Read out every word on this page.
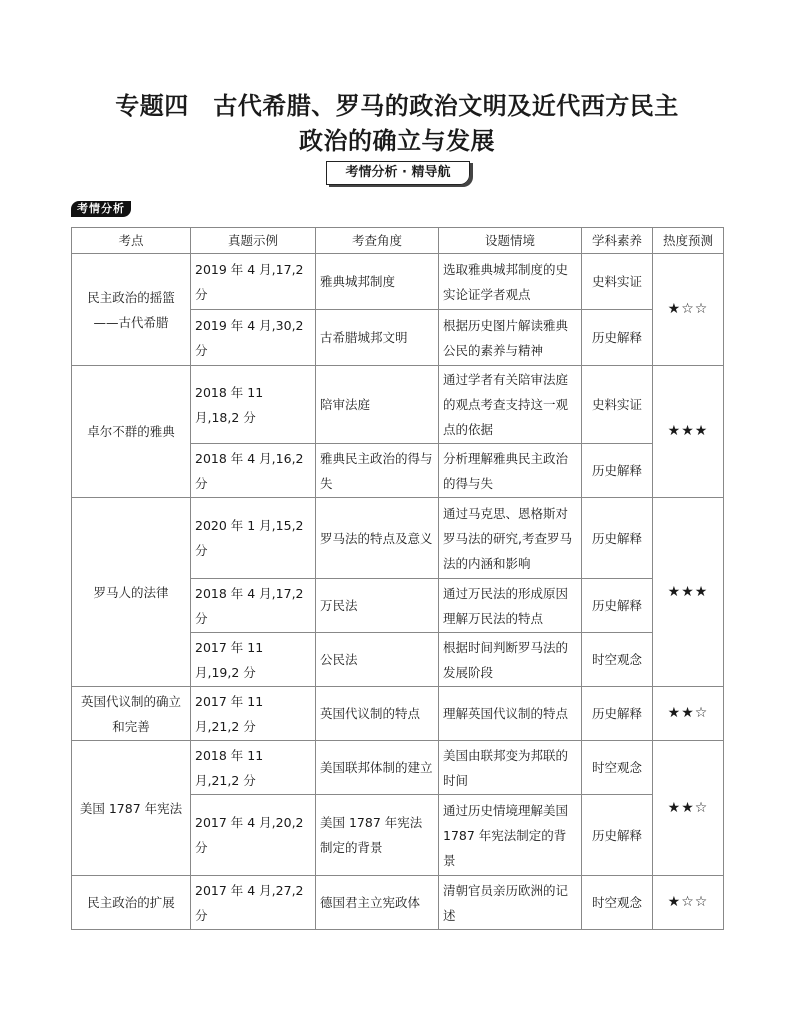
专题四　古代希腊、罗马的政治文明及近代西方民主
政治的确立与发展
考情分析 · 精导航
考情分析
考点	真题示例	考查角度	设题情境	学科素养	热度预测
民主政治的摇篮——古代希腊	2019 年 4 月,17,2 分	雅典城邦制度	选取雅典城邦制度的史实论证学者观点	史料实证	★☆☆
	2019 年 4 月,30,2 分	古希腊城邦文明	根据历史图片解读雅典公民的素养与精神	历史解释	
卓尔不群的雅典	2018 年 11 月,18,2 分	陪审法庭	通过学者有关陪审法庭的观点考查支持这一观点的依据	史料实证	★★★
	2018 年 4 月,16,2 分	雅典民主政治的得与失	分析理解雅典民主政治的得与失	历史解释	
罗马人的法律	2020 年 1 月,15,2 分	罗马法的特点及意义	通过马克思、恩格斯对罗马法的研究,考查罗马法的内涵和影响	历史解释	★★★
	2018 年 4 月,17,2 分	万民法	通过万民法的形成原因理解万民法的特点	历史解释	
	2017 年 11 月,19,2 分	公民法	根据时间判断罗马法的发展阶段	时空观念	
英国代议制的确立和完善	2017 年 11 月,21,2 分	英国代议制的特点	理解英国代议制的特点	历史解释	★★☆
美国 1787 年宪法	2018 年 11 月,21,2 分	美国联邦体制的建立	美国由联邦变为邦联的时间	时空观念	★★☆
	2017 年 4 月,20,2 分	美国 1787 年宪法制定的背景	通过历史情境理解美国 1787 年宪法制定的背景	历史解释	
民主政治的扩展	2017 年 4 月,27,2 分	德国君主立宪政体	清朝官员亲历欧洲的记述	时空观念	★☆☆
